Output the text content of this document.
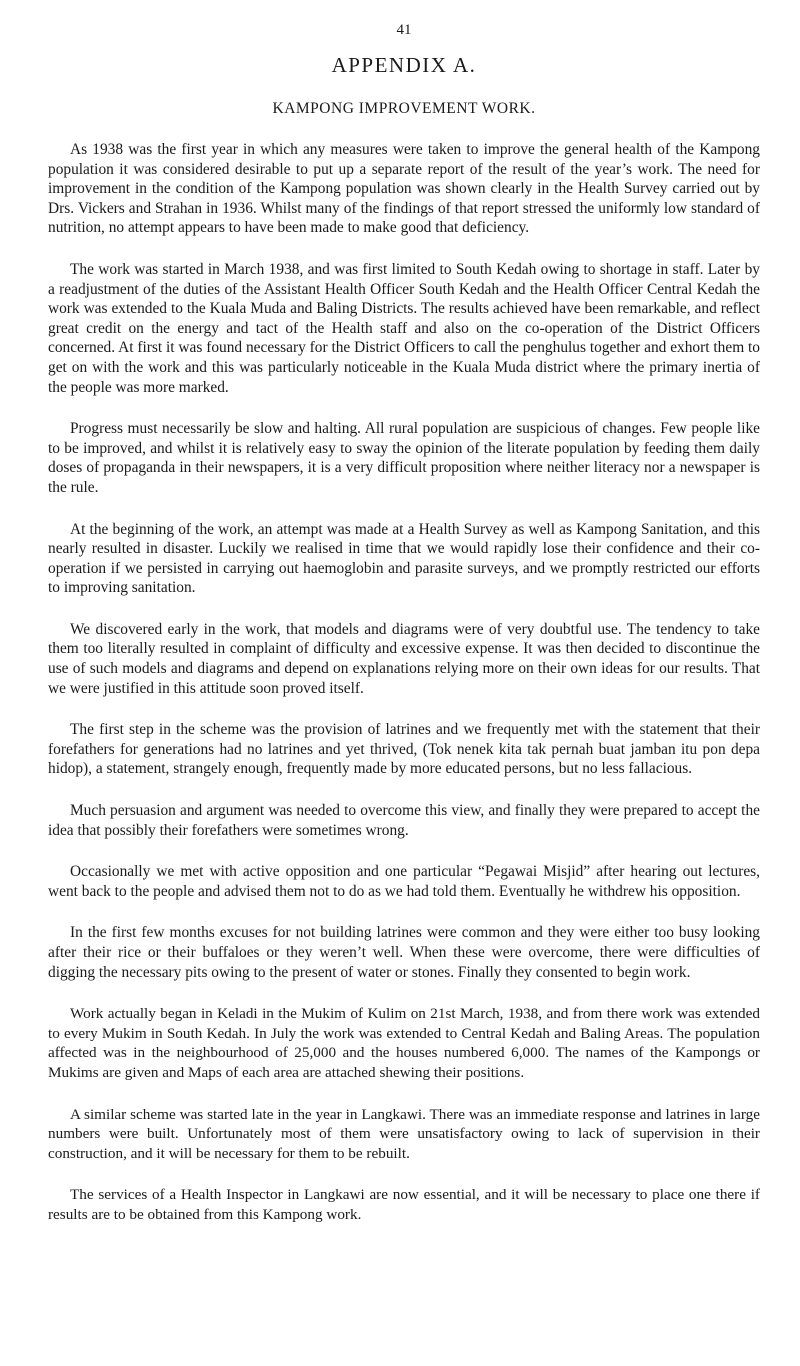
41
APPENDIX A.
KAMPONG IMPROVEMENT WORK.

As 1938 was the first year in which any measures were taken to improve the general health of the Kampong population it was considered desirable to put up a separate report of the result of the year’s work. The need for improvement in the condition of the Kampong population was shown clearly in the Health Survey carried out by Drs. Vickers and Strahan in 1936. Whilst many of the findings of that report stressed the uniformly low standard of nutrition, no attempt appears to have been made to make good that deficiency.

The work was started in March 1938, and was first limited to South Kedah owing to shortage in staff. Later by a readjustment of the duties of the Assistant Health Officer South Kedah and the Health Officer Central Kedah the work was extended to the Kuala Muda and Baling Districts. The results achieved have been remarkable, and reflect great credit on the energy and tact of the Health staff and also on the co-operation of the District Officers concerned. At first it was found necessary for the District Officers to call the penghulus together and exhort them to get on with the work and this was particularly noticeable in the Kuala Muda district where the primary inertia of the people was more marked.

Progress must necessarily be slow and halting. All rural population are suspicious of changes. Few people like to be improved, and whilst it is relatively easy to sway the opinion of the literate population by feeding them daily doses of propaganda in their newspapers, it is a very difficult proposition where neither literacy nor a newspaper is the rule.

At the beginning of the work, an attempt was made at a Health Survey as well as Kampong Sanitation, and this nearly resulted in disaster. Luckily we realised in time that we would rapidly lose their confidence and their co-operation if we persisted in carrying out haemoglobin and parasite surveys, and we promptly restricted our efforts to improving sanitation.

We discovered early in the work, that models and diagrams were of very doubtful use. The tendency to take them too literally resulted in complaint of difficulty and excessive expense. It was then decided to discontinue the use of such models and diagrams and depend on explanations relying more on their own ideas for our results. That we were justified in this attitude soon proved itself.

The first step in the scheme was the provision of latrines and we frequently met with the statement that their forefathers for generations had no latrines and yet thrived, (Tok nenek kita tak pernah buat jamban itu pon depa hidop), a statement, strangely enough, frequently made by more educated persons, but no less fallacious.

Much persuasion and argument was needed to overcome this view, and finally they were prepared to accept the idea that possibly their forefathers were sometimes wrong.

Occasionally we met with active opposition and one particular “Pegawai Misjid” after hearing out lectures, went back to the people and advised them not to do as we had told them. Eventually he withdrew his opposition.

In the first few months excuses for not building latrines were common and they were either too busy looking after their rice or their buffaloes or they weren’t well. When these were overcome, there were difficulties of digging the necessary pits owing to the present of water or stones. Finally they consented to begin work.

Work actually began in Keladi in the Mukim of Kulim on 21st March, 1938, and from there work was extended to every Mukim in South Kedah. In July the work was extended to Central Kedah and Baling Areas. The population affected was in the neighbourhood of 25,000 and the houses numbered 6,000. The names of the Kampongs or Mukims are given and Maps of each area are attached shewing their positions.

A similar scheme was started late in the year in Langkawi. There was an immediate response and latrines in large numbers were built. Unfortunately most of them were unsatisfactory owing to lack of supervision in their construction, and it will be necessary for them to be rebuilt.

The services of a Health Inspector in Langkawi are now essential, and it will be necessary to place one there if results are to be obtained from this Kampong work.
